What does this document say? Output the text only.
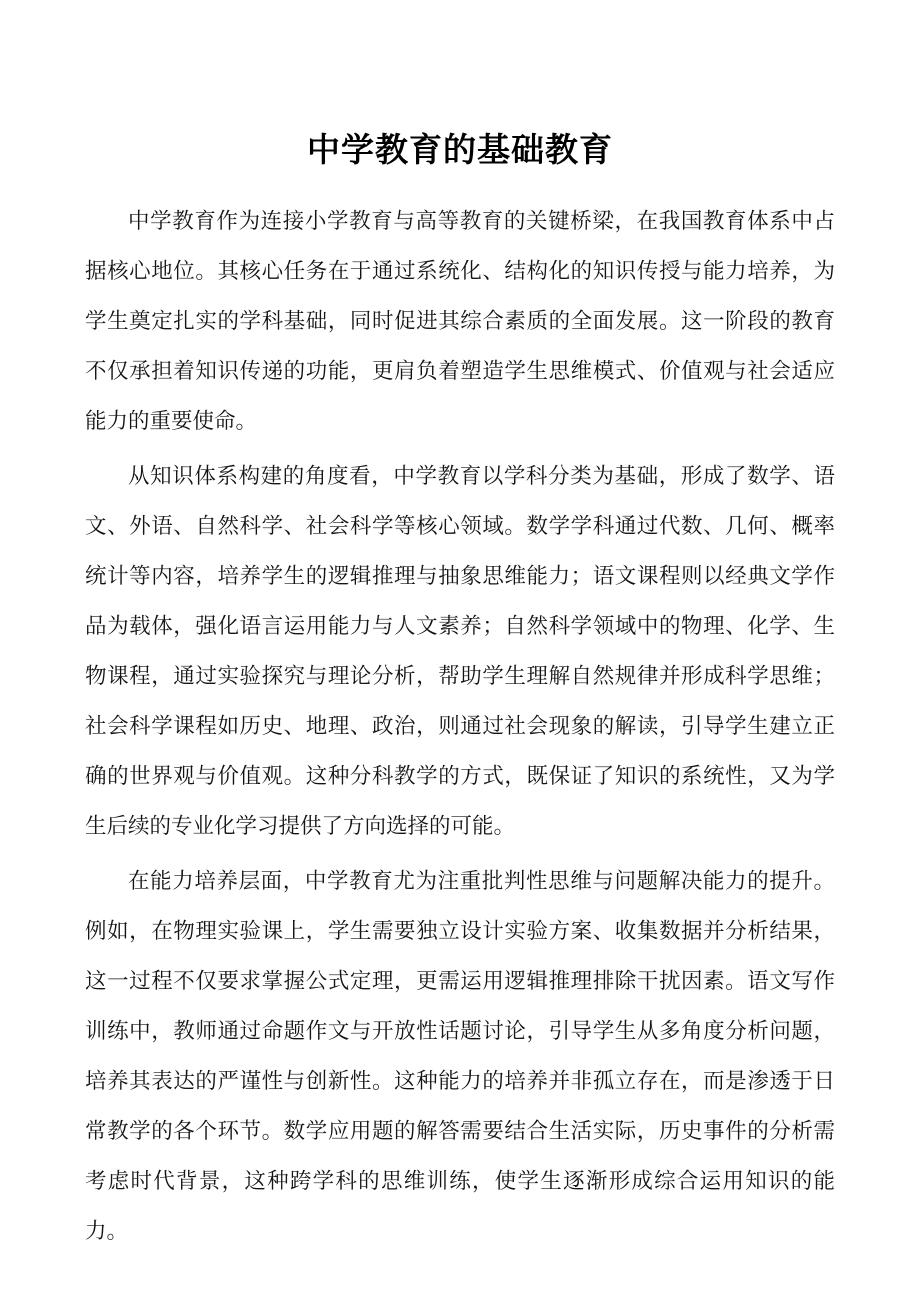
中学教育的基础教育

中学教育作为连接小学教育与高等教育的关键桥梁，在我国教育体系中占据核心地位。其核心任务在于通过系统化、结构化的知识传授与能力培养，为学生奠定扎实的学科基础，同时促进其综合素质的全面发展。这一阶段的教育不仅承担着知识传递的功能，更肩负着塑造学生思维模式、价值观与社会适应能力的重要使命。

从知识体系构建的角度看，中学教育以学科分类为基础，形成了数学、语文、外语、自然科学、社会科学等核心领域。数学学科通过代数、几何、概率统计等内容，培养学生的逻辑推理与抽象思维能力；语文课程则以经典文学作品为载体，强化语言运用能力与人文素养；自然科学领域中的物理、化学、生物课程，通过实验探究与理论分析，帮助学生理解自然规律并形成科学思维；社会科学课程如历史、地理、政治，则通过社会现象的解读，引导学生建立正确的世界观与价值观。这种分科教学的方式，既保证了知识的系统性，又为学生后续的专业化学习提供了方向选择的可能。

在能力培养层面，中学教育尤为注重批判性思维与问题解决能力的提升。例如，在物理实验课上，学生需要独立设计实验方案、收集数据并分析结果，这一过程不仅要求掌握公式定理，更需运用逻辑推理排除干扰因素。语文写作训练中，教师通过命题作文与开放性话题讨论，引导学生从多角度分析问题，培养其表达的严谨性与创新性。这种能力的培养并非孤立存在，而是渗透于日常教学的各个环节。数学应用题的解答需要结合生活实际，历史事件的分析需考虑时代背景，这种跨学科的思维训练，使学生逐渐形成综合运用知识的能力。
